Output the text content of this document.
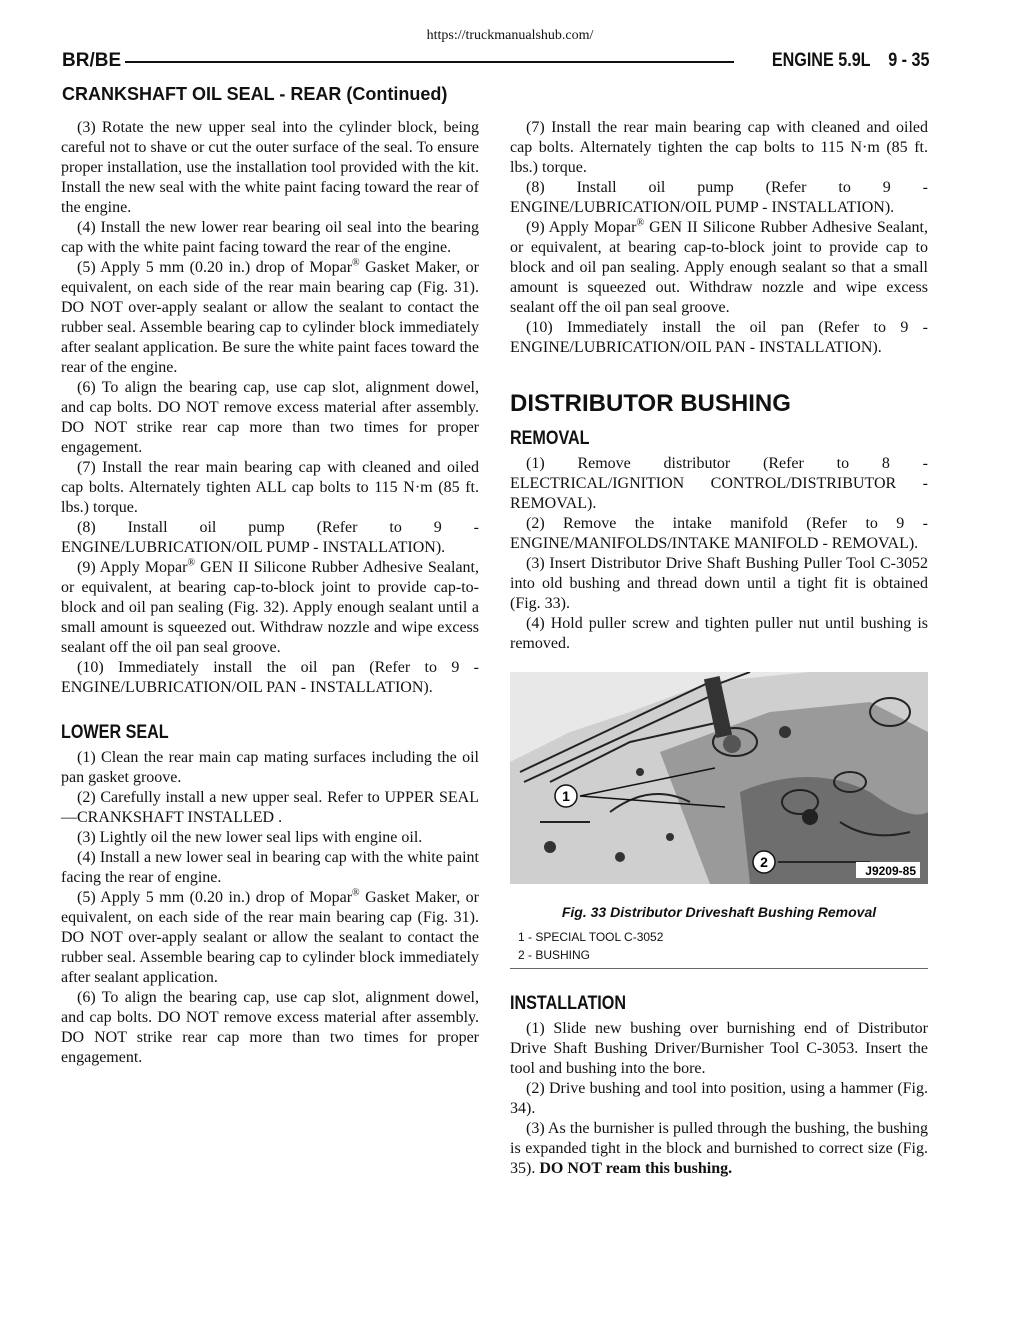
https://truckmanualshub.com/
BR/BE	ENGINE 5.9L    9 - 35
CRANKSHAFT OIL SEAL - REAR (Continued)

(3) Rotate the new upper seal into the cylinder block, being careful not to shave or cut the outer surface of the seal. To ensure proper installation, use the installation tool provided with the kit. Install the new seal with the white paint facing toward the rear of the engine.

(4) Install the new lower rear bearing oil seal into the bearing cap with the white paint facing toward the rear of the engine.

(5) Apply 5 mm (0.20 in.) drop of Mopar® Gasket Maker, or equivalent, on each side of the rear main bearing cap (Fig. 31). DO NOT over-apply sealant or allow the sealant to contact the rubber seal. Assemble bearing cap to cylinder block immediately after sealant application. Be sure the white paint faces toward the rear of the engine.

(6) To align the bearing cap, use cap slot, alignment dowel, and cap bolts. DO NOT remove excess material after assembly. DO NOT strike rear cap more than two times for proper engagement.

(7) Install the rear main bearing cap with cleaned and oiled cap bolts. Alternately tighten ALL cap bolts to 115 N·m (85 ft. lbs.) torque.

(8) Install oil pump (Refer to 9 - ENGINE/LUBRICATION/OIL PUMP - INSTALLATION).

(9) Apply Mopar® GEN II Silicone Rubber Adhesive Sealant, or equivalent, at bearing cap-to-block joint to provide cap-to-block and oil pan sealing (Fig. 32). Apply enough sealant until a small amount is squeezed out. Withdraw nozzle and wipe excess sealant off the oil pan seal groove.

(10) Immediately install the oil pan (Refer to 9 - ENGINE/LUBRICATION/OIL PAN - INSTALLATION).

LOWER SEAL

(1) Clean the rear main cap mating surfaces including the oil pan gasket groove.

(2) Carefully install a new upper seal. Refer to UPPER SEAL—CRANKSHAFT INSTALLED .

(3) Lightly oil the new lower seal lips with engine oil.

(4) Install a new lower seal in bearing cap with the white paint facing the rear of engine.

(5) Apply 5 mm (0.20 in.) drop of Mopar® Gasket Maker, or equivalent, on each side of the rear main bearing cap (Fig. 31). DO NOT over-apply sealant or allow the sealant to contact the rubber seal. Assemble bearing cap to cylinder block immediately after sealant application.

(6) To align the bearing cap, use cap slot, alignment dowel, and cap bolts. DO NOT remove excess material after assembly. DO NOT strike rear cap more than two times for proper engagement.

(7) Install the rear main bearing cap with cleaned and oiled cap bolts. Alternately tighten the cap bolts to 115 N·m (85 ft. lbs.) torque.

(8) Install oil pump (Refer to 9 - ENGINE/LUBRICATION/OIL PUMP - INSTALLATION).

(9) Apply Mopar® GEN II Silicone Rubber Adhesive Sealant, or equivalent, at bearing cap-to-block joint to provide cap to block and oil pan sealing. Apply enough sealant so that a small amount is squeezed out. Withdraw nozzle and wipe excess sealant off the oil pan seal groove.

(10) Immediately install the oil pan (Refer to 9 - ENGINE/LUBRICATION/OIL PAN - INSTALLATION).

DISTRIBUTOR BUSHING
REMOVAL

(1) Remove distributor (Refer to 8 - ELECTRICAL/IGNITION CONTROL/DISTRIBUTOR - REMOVAL).

(2) Remove the intake manifold (Refer to 9 - ENGINE/MANIFOLDS/INTAKE MANIFOLD - REMOVAL).

(3) Insert Distributor Drive Shaft Bushing Puller Tool C-3052 into old bushing and thread down until a tight fit is obtained (Fig. 33).

(4) Hold puller screw and tighten puller nut until bushing is removed.

1
2
J9209-85
Fig. 33 Distributor Driveshaft Bushing Removal
1 - SPECIAL TOOL C-3052
2 - BUSHING
INSTALLATION

(1) Slide new bushing over burnishing end of Distributor Drive Shaft Bushing Driver/Burnisher Tool C-3053. Insert the tool and bushing into the bore.

(2) Drive bushing and tool into position, using a hammer (Fig. 34).

(3) As the burnisher is pulled through the bushing, the bushing is expanded tight in the block and burnished to correct size (Fig. 35). DO NOT ream this bushing.
